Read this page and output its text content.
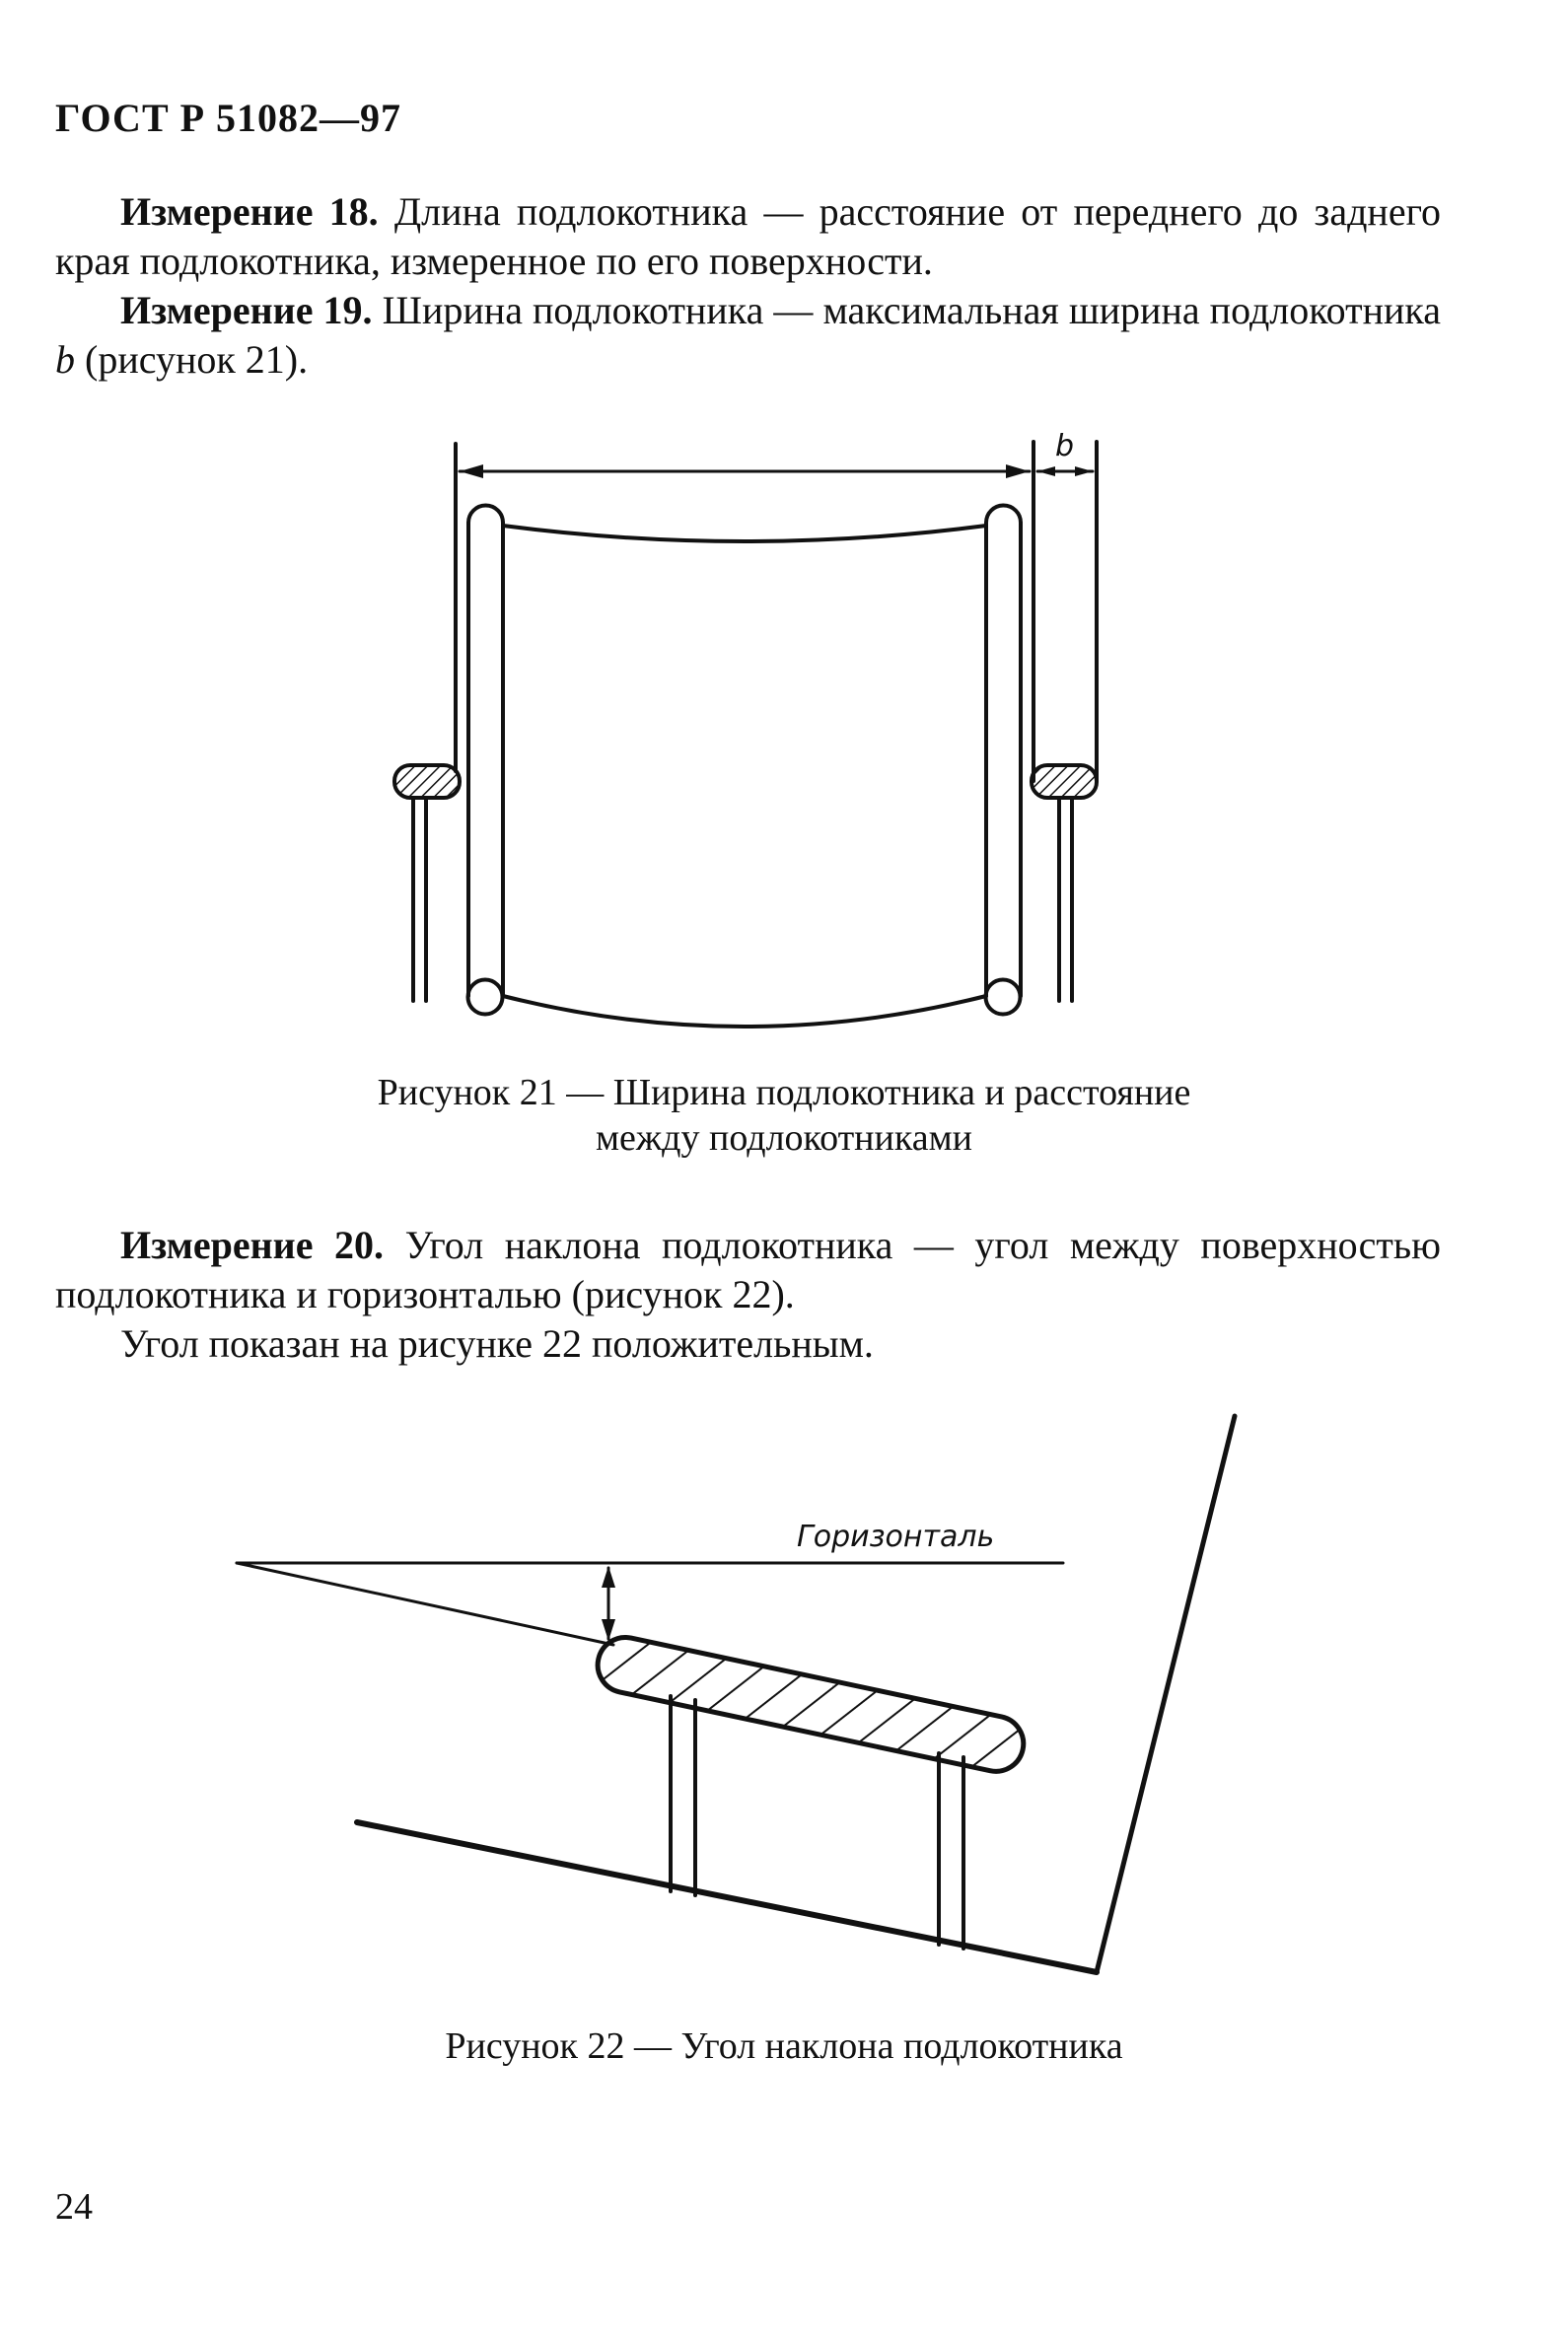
ГОСТ Р 51082—97

Измерение 18. Длина подлокотника — расстояние от переднего до заднего края подлокотника, измеренное по его поверхности.

Измерение 19. Ширина подлокотника — максимальная ширина подлокотника b (рисунок 21).

b
Рисунок 21 — Ширина подлокотника и расстояние
между подлокотниками

Измерение 20. Угол наклона подлокотника — угол между поверхностью подлокотника и горизонталью (рисунок 22).

Угол показан на рисунке 22 положительным.

Горизонталь
Рисунок 22 — Угол наклона подлокотника
24
